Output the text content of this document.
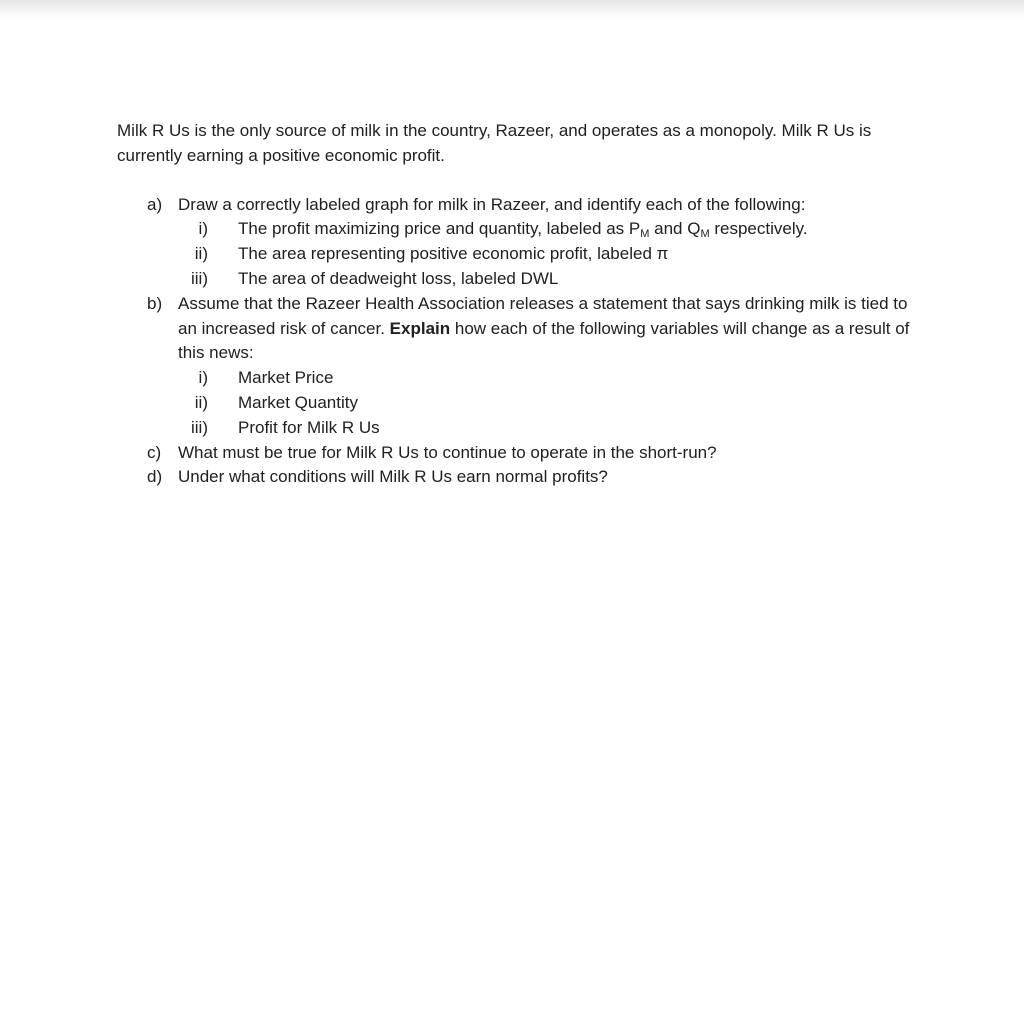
Milk R Us is the only source of milk in the country, Razeer, and operates as a monopoly. Milk R Us is currently earning a positive economic profit.

a) Draw a correctly labeled graph for milk in Razeer, and identify each of the following:
i) The profit maximizing price and quantity, labeled as $P_M$ and $Q_M$ respectively.
ii) The area representing positive economic profit, labeled π
iii) The area of deadweight loss, labeled DWL
b) Assume that the Razeer Health Association releases a statement that says drinking milk is tied to an increased risk of cancer. Explain how each of the following variables will change as a result of this news:
i) Market Price
ii) Market Quantity
iii) Profit for Milk R Us
c) What must be true for Milk R Us to continue to operate in the short-run?
d) Under what conditions will Milk R Us earn normal profits?
